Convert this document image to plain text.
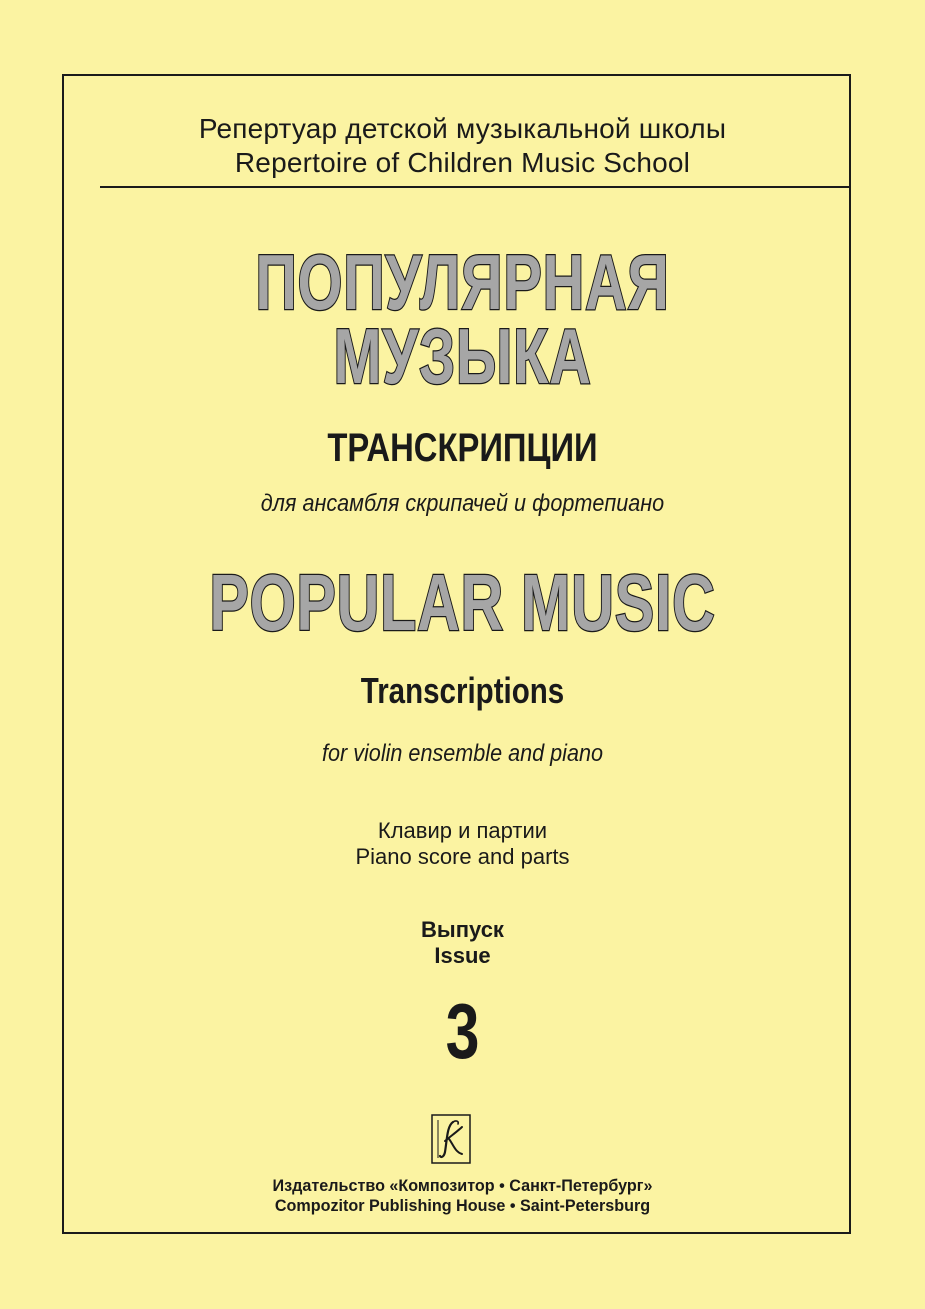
Репертуар детской музыкальной школы
Repertoire of Children Music School
ПОПУЛЯРНАЯ
МУЗЫКА
ТРАНСКРИПЦИИ
для ансамбля скрипачей и фортепиано
POPULAR MUSIC
Transcriptions
for violin ensemble and piano
Клавир и партии
Piano score and parts
Выпуск
Issue
3
Издательство «Композитор • Санкт-Петербург»
Compozitor Publishing House • Saint-Petersburg
